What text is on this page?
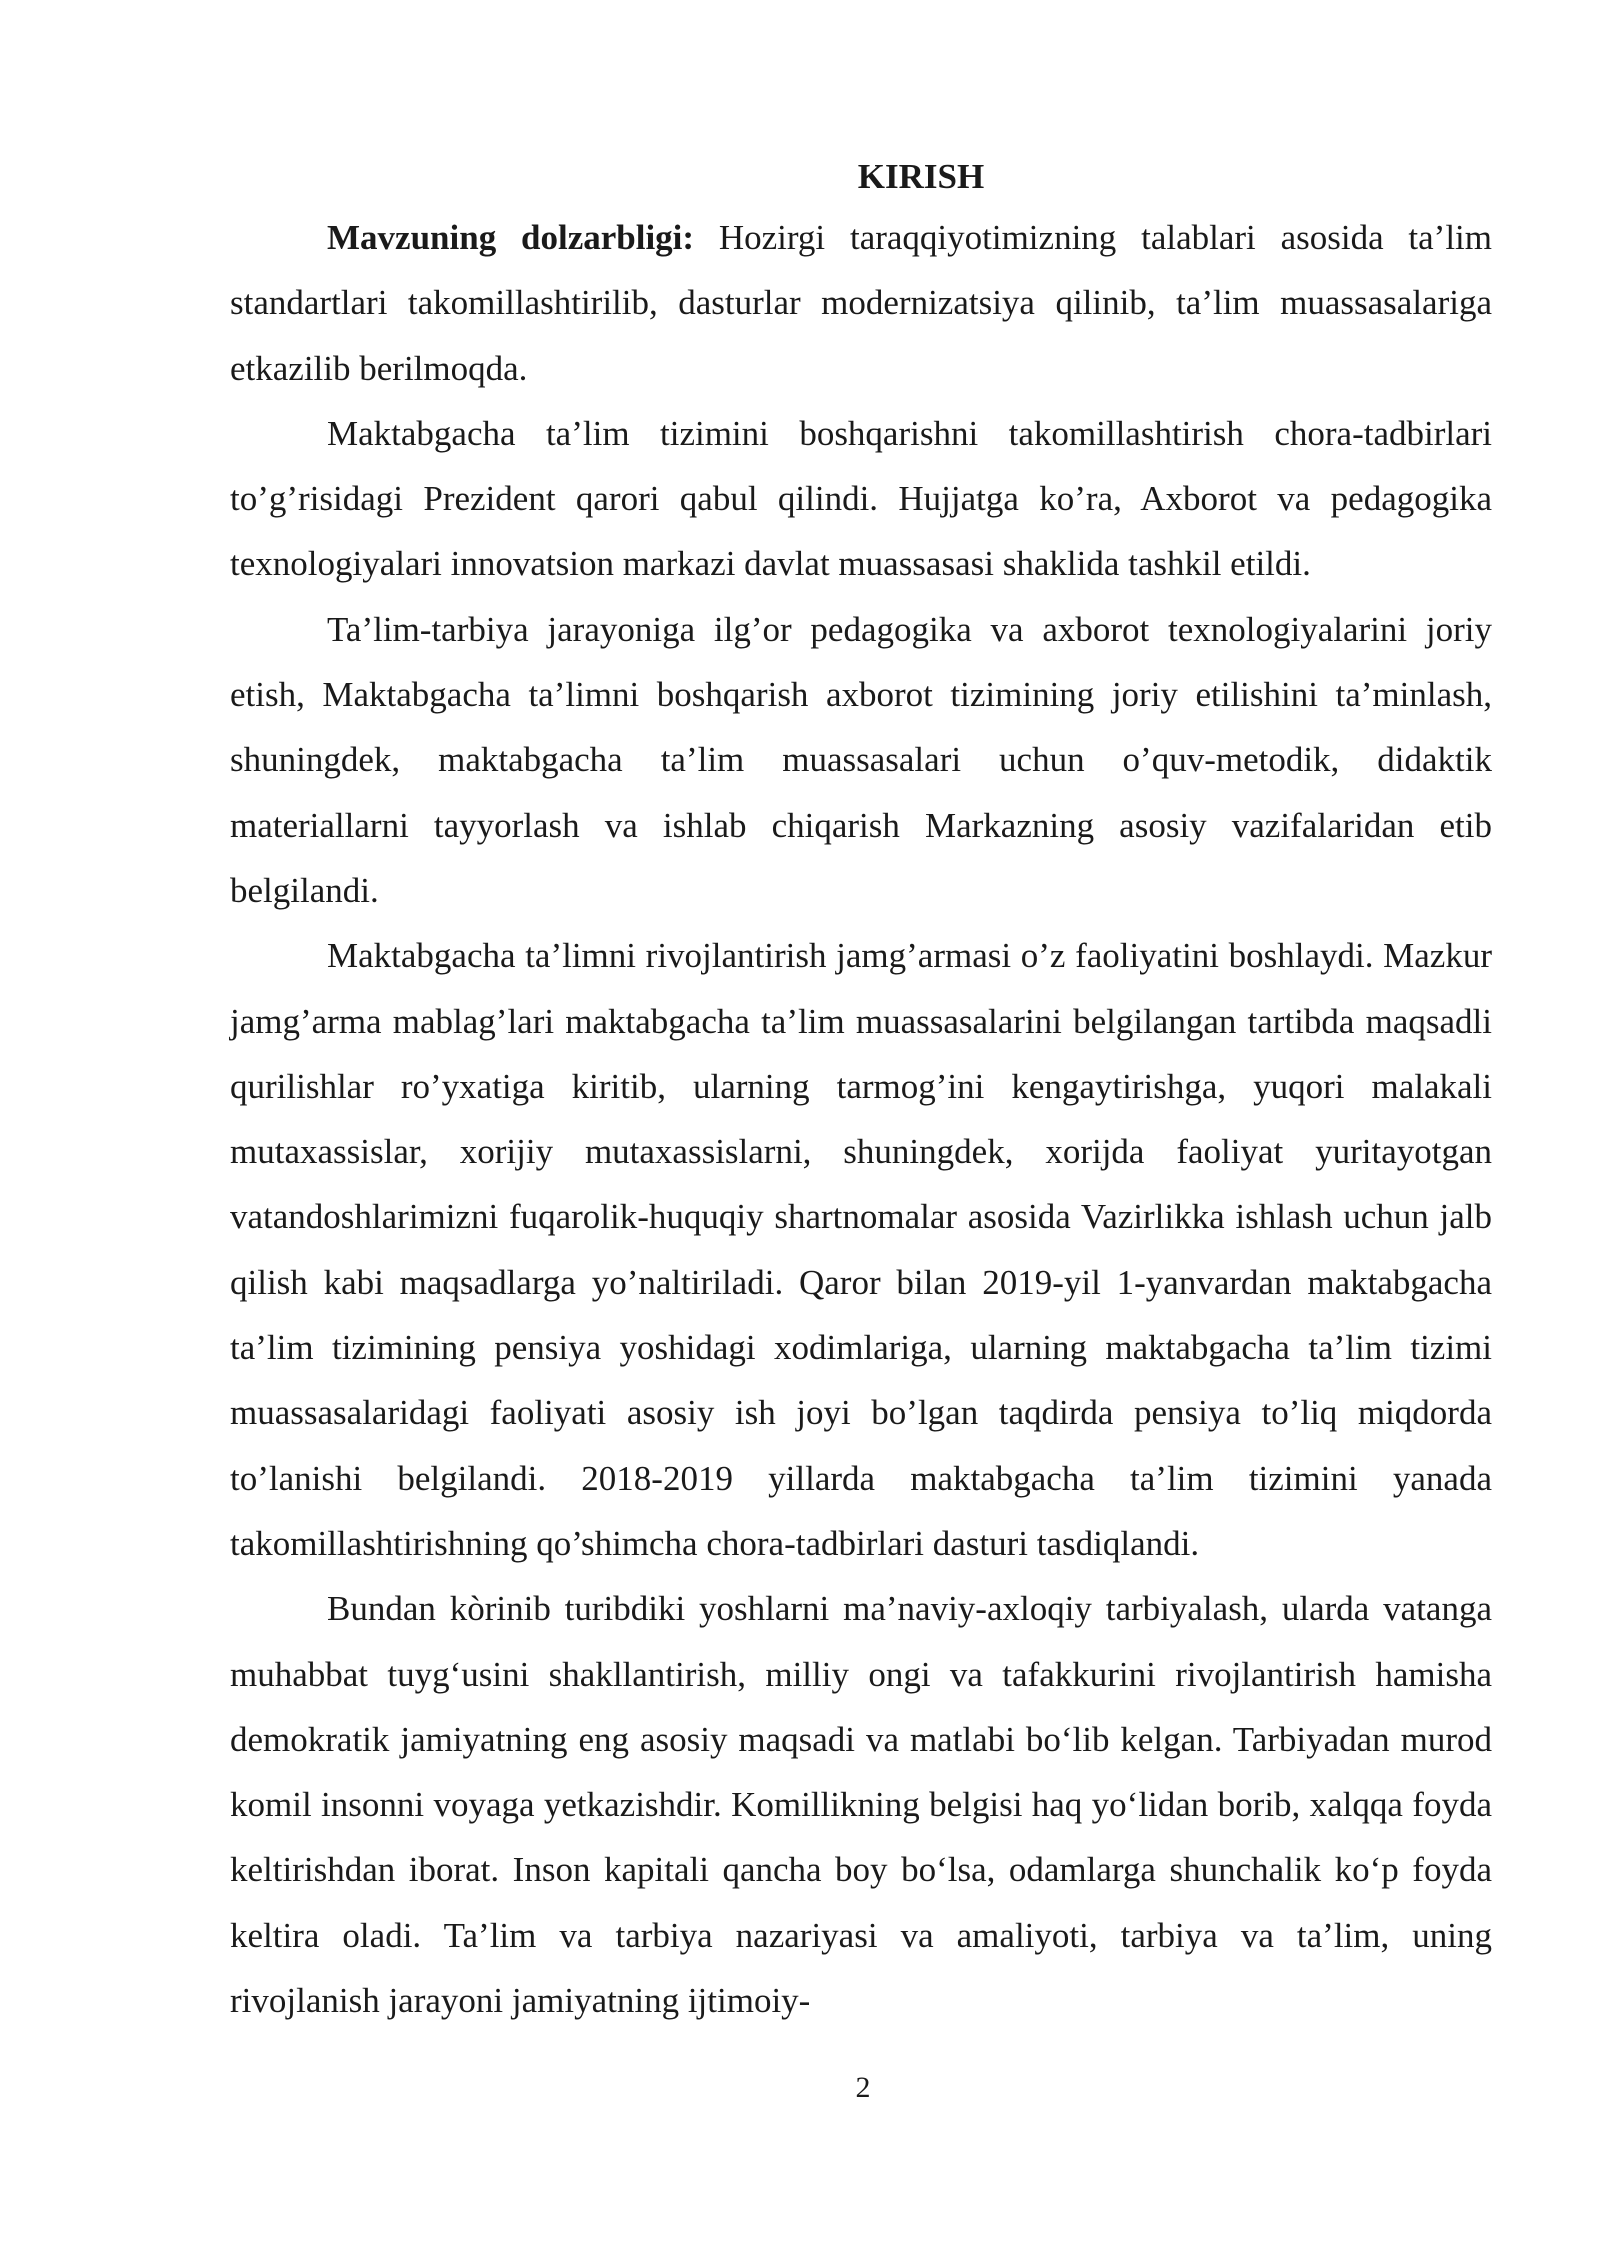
KIRISH

Mavzuning dolzarbligi: Hozirgi taraqqiyotimizning talablari asosida ta’lim standartlari takomillashtirilib, dasturlar modernizatsiya qilinib, ta’lim muassasalariga etkazilib berilmoqda.

Maktabgacha ta’lim tizimini boshqarishni takomillashtirish chora-tadbirlari to’g’risidagi Prezident qarori qabul qilindi. Hujjatga ko’ra, Axborot va pedagogika texnologiyalari innovatsion markazi davlat muassasasi shaklida tashkil etildi.

Ta’lim-tarbiya jarayoniga ilg’or pedagogika va axborot texnologiyalarini joriy etish, Maktabgacha ta’limni boshqarish axborot tizimining joriy etilishini ta’minlash, shuningdek, maktabgacha ta’lim muassasalari uchun o’quv-metodik, didaktik materiallarni tayyorlash va ishlab chiqarish Markazning asosiy vazifalaridan etib belgilandi.

Maktabgacha ta’limni rivojlantirish jamg’armasi o’z faoliyatini boshlaydi. Mazkur jamg’arma mablag’lari maktabgacha ta’lim muassasalarini belgilangan tartibda maqsadli qurilishlar ro’yxatiga kiritib, ularning tarmog’ini kengaytirishga, yuqori malakali mutaxassislar, xorijiy mutaxassislarni, shuningdek, xorijda faoliyat yuritayotgan vatandoshlarimizni fuqarolik-huquqiy shartnomalar asosida Vazirlikka ishlash uchun jalb qilish kabi maqsadlarga yo’naltiriladi. Qaror bilan 2019-yil 1-yanvardan maktabgacha ta’lim tizimining pensiya yoshidagi xodimlariga, ularning maktabgacha ta’lim tizimi muassasalaridagi faoliyati asosiy ish joyi bo’lgan taqdirda pensiya to’liq miqdorda to’lanishi belgilandi. 2018-2019 yillarda maktabgacha ta’lim tizimini yanada takomillashtirishning qo’shimcha chora-tadbirlari dasturi tasdiqlandi.

Bundan kòrinib turibdiki yoshlarni ma’naviy-axloqiy tarbiyalash, ularda vatanga muhabbat tuyg‘usini shakllantirish, milliy ongi va tafakkurini rivojlantirish hamisha demokratik jamiyatning eng asosiy maqsadi va matlabi bo‘lib kelgan. Tarbiyadan murod komil insonni voyaga yetkazishdir. Komillikning belgisi haq yo‘lidan borib, xalqqa foyda keltirishdan iborat. Inson kapitali qancha boy bo‘lsa, odamlarga shunchalik ko‘p foyda keltira oladi. Ta’lim va tarbiya nazariyasi va amaliyoti, tarbiya va ta’lim, uning rivojlanish jarayoni jamiyatning ijtimoiy-

2
